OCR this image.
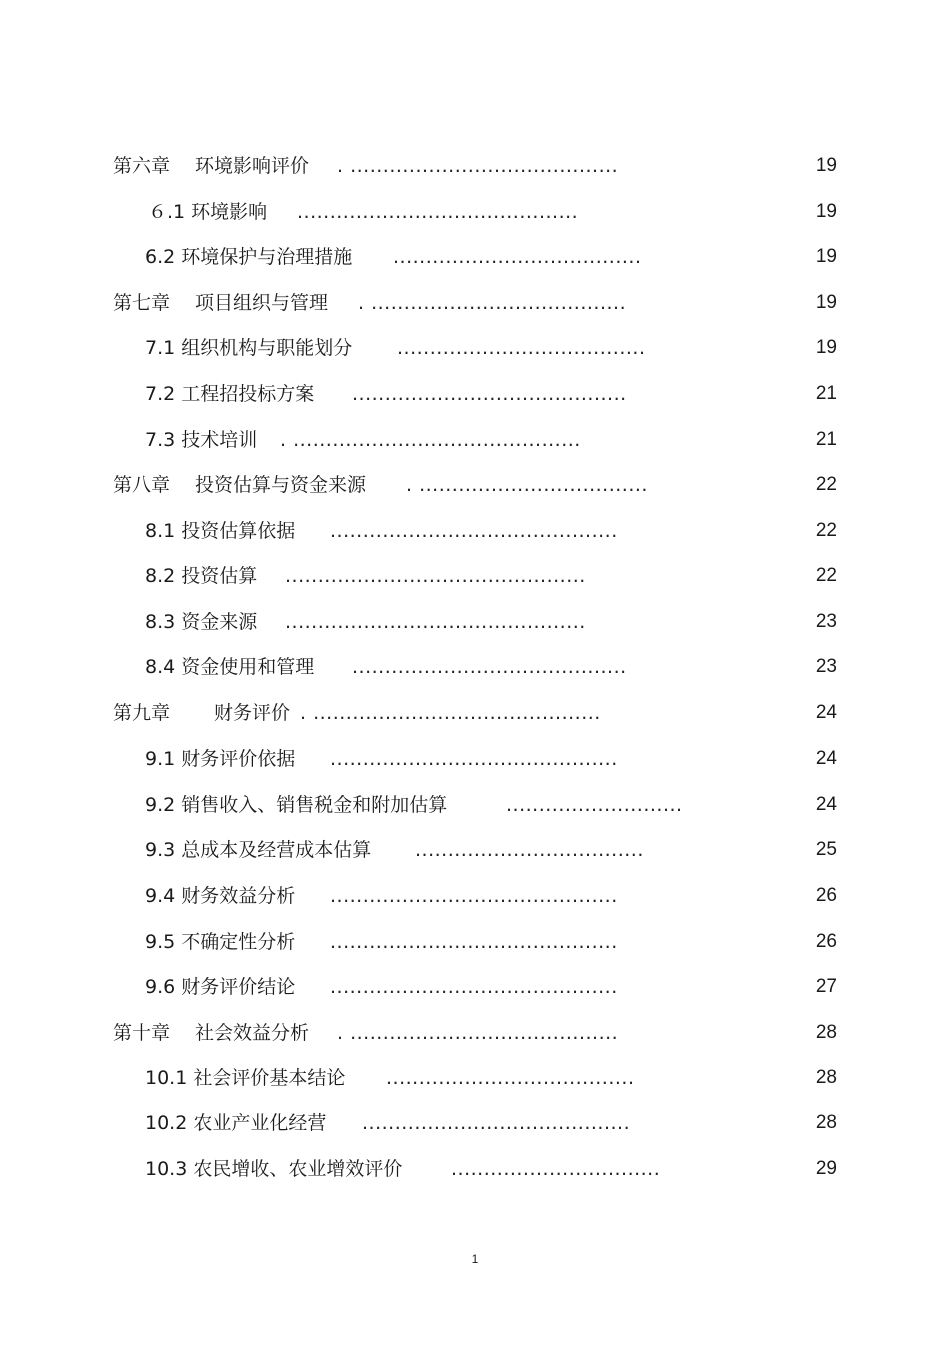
第六章　 环境影响评价 . .........................................	19
６.1 环境影响 ...........................................	19
6.2 环境保护与治理措施 ......................................	19
第七章　 项目组织与管理 . .......................................	19
7.1 组织机构与职能划分 ......................................	19
7.2 工程招投标方案 ..........................................	21
7.3 技术培训 . ............................................	21
第八章　 投资估算与资金来源 . ...................................	22
8.1 投资估算依据 ............................................	22
8.2 投资估算 ..............................................	22
8.3 资金来源 ..............................................	23
8.4 资金使用和管理 ..........................................	23
第九章　　 财务评价 . ............................................	24
9.1 财务评价依据 ............................................	24
9.2 销售收入、销售税金和附加估算	...........................	24
9.3 总成本及经营成本估算 ...................................	25
9.4 财务效益分析 ............................................	26
9.5 不确定性分析 ............................................	26
9.6 财务评价结论 ............................................	27
第十章　 社会效益分析 . .........................................	28
10.1 社会评价基本结论 ......................................	28
10.2 农业产业化经营 .........................................	28
10.3 农民增收、农业增效评价	................................	29
1
